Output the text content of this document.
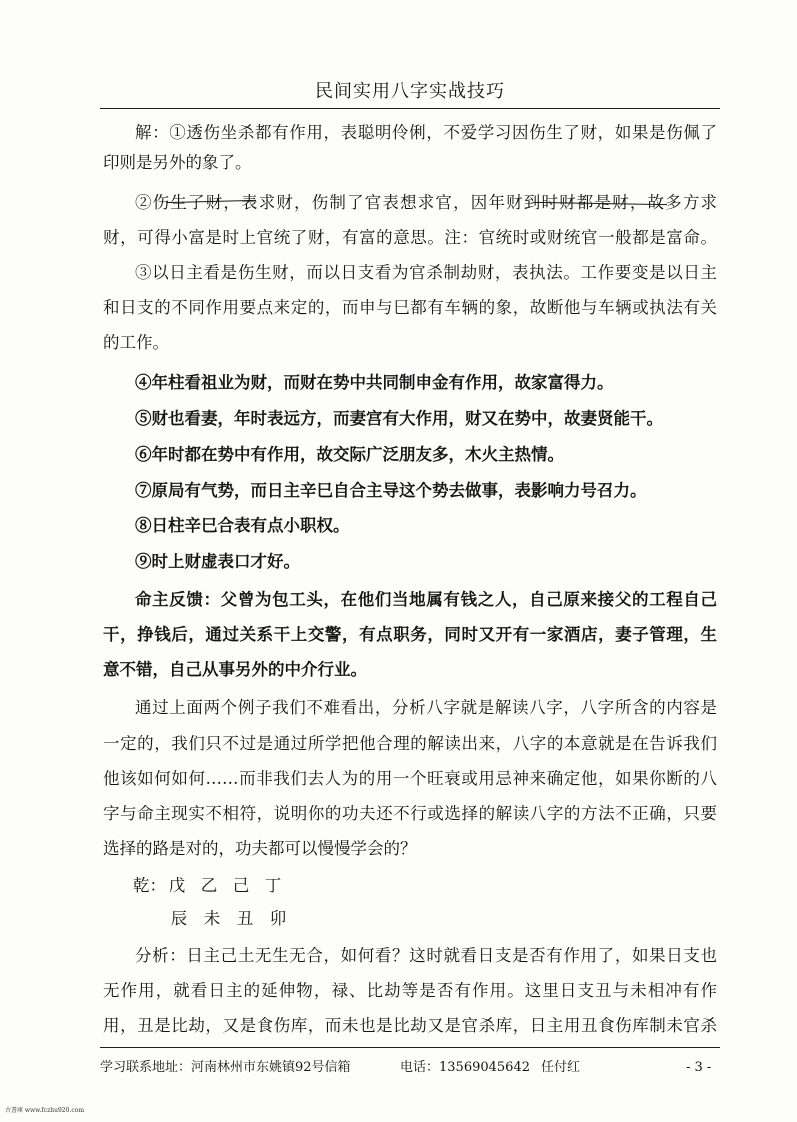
民间实用八字实战技巧
解：①透伤坐杀都有作用，表聪明伶俐，不爱学习因伤生了财，如果是伤佩了
印则是另外的象了。
②伤生了财，表求财，伤制了官表想求官，因年财到时财都是财，故多方求
财，可得小富是时上官统了财，有富的意思。注：官统时或财统官一般都是富命。
③以日主看是伤生财，而以日支看为官杀制劫财，表执法。工作要变是以日主
和日支的不同作用要点来定的，而申与巳都有车辆的象，故断他与车辆或执法有关
的工作。
④年柱看祖业为财，而财在势中共同制申金有作用，故家富得力。
⑤财也看妻，年时表远方，而妻宫有大作用，财又在势中，故妻贤能干。
⑥年时都在势中有作用，故交际广泛朋友多，木火主热情。
⑦原局有气势，而日主辛巳自合主导这个势去做事，表影响力号召力。
⑧日柱辛巳合表有点小职权。
⑨时上财虚表口才好。
命主反馈：父曾为包工头，在他们当地属有钱之人，自己原来接父的工程自己
干，挣钱后，通过关系干上交警，有点职务，同时又开有一家酒店，妻子管理，生
意不错，自己从事另外的中介行业。
通过上面两个例子我们不难看出，分析八字就是解读八字，八字所含的内容是
一定的，我们只不过是通过所学把他合理的解读出来，八字的本意就是在告诉我们
他该如何如何……而非我们去人为的用一个旺衰或用忌神来确定他，如果你断的八
字与命主现实不相符，说明你的功夫还不行或选择的解读八字的方法不正确，只要
选择的路是对的，功夫都可以慢慢学会的？
乾： 戊 乙 己 丁
辰 未 丑 卯
分析：日主己土无生无合，如何看？这时就看日支是否有作用了，如果日支也
无作用，就看日主的延伸物，禄、比劫等是否有作用。这里日支丑与未相冲有作
用，丑是比劫，又是食伤库，而未也是比劫又是官杀库，日主用丑食伤库制未官杀
学习联系地址：河南林州市东姚镇92号信箱	电话：13569045642 任付红	- 3 -
古書庫 www.fczhu920.com
